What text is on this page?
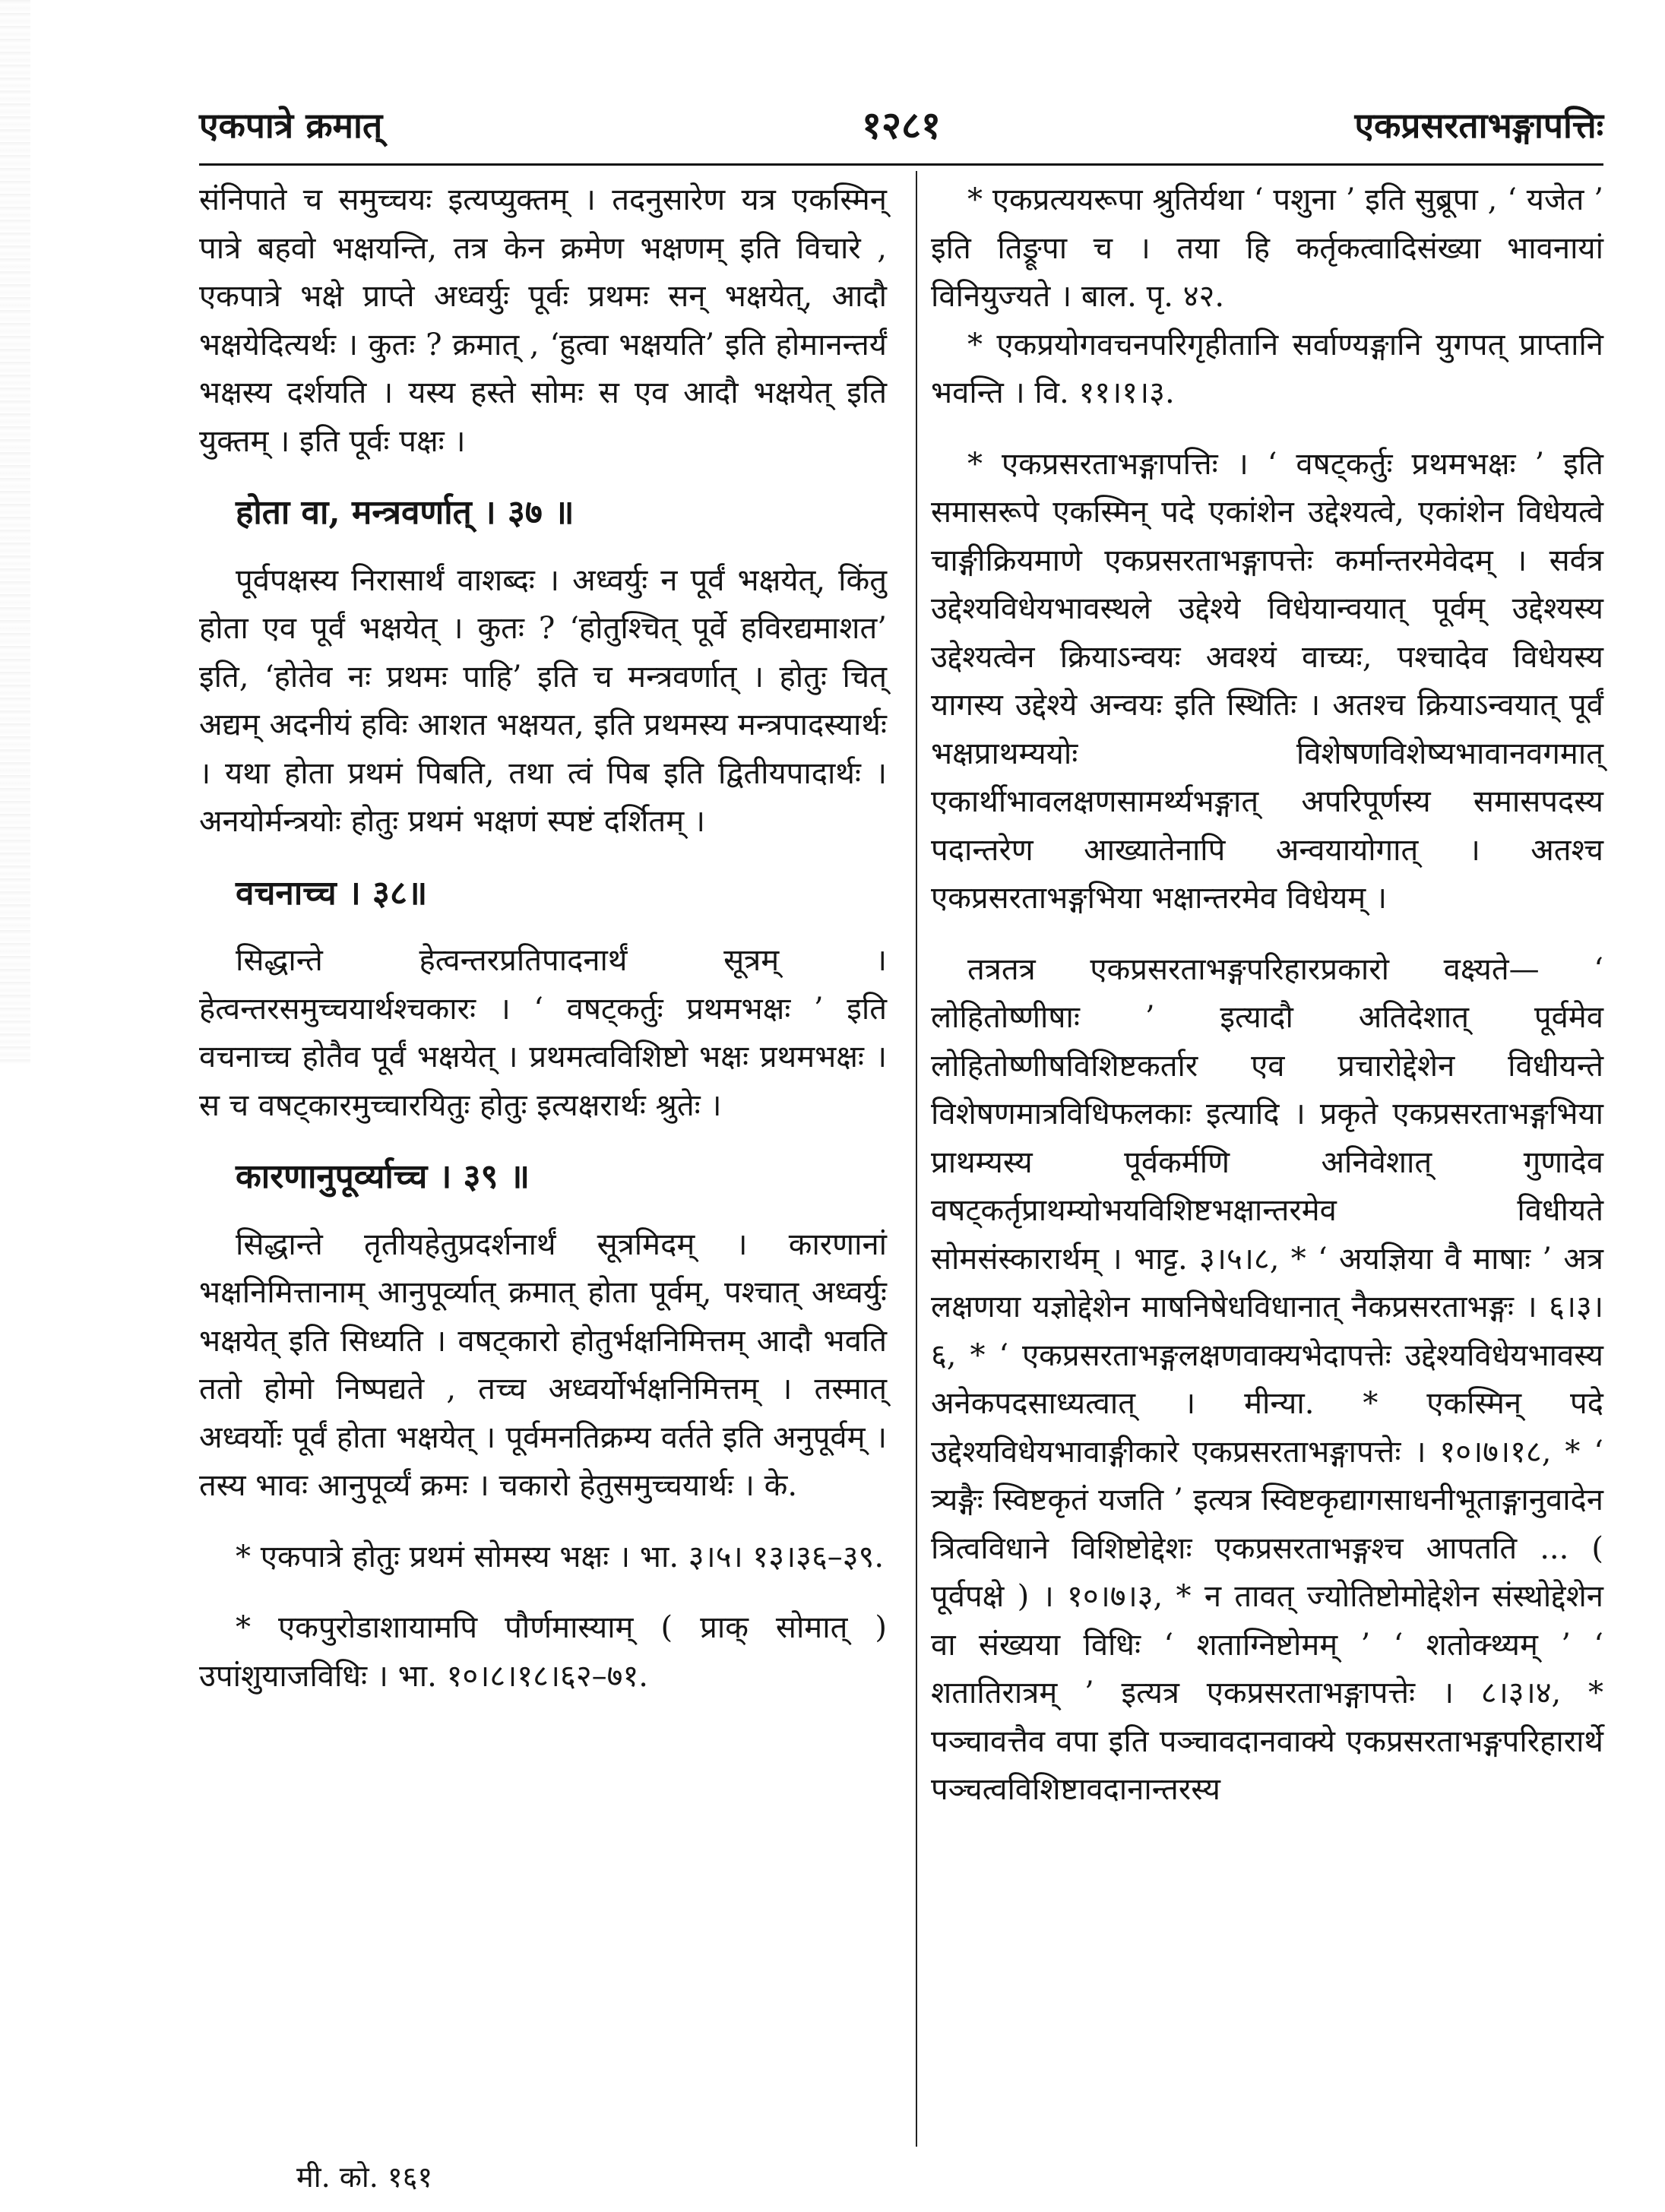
एकपात्रे क्रमात्	१२८१	एकप्रसरताभङ्गापत्तिः

संनिपाते च समुच्चयः इत्यप्युक्तम् । तदनुसारेण यत्र एकस्मिन् पात्रे बहवो भक्षयन्ति, तत्र केन क्रमेण भक्षणम् इति विचारे , एकपात्रे भक्षे प्राप्ते अध्वर्युः पूर्वः प्रथमः सन् भक्षयेत्, आदौ भक्षयेदित्यर्थः । कुतः ? क्रमात् , ‘हुत्वा भक्षयति’ इति होमानन्तर्यं भक्षस्य दर्शयति । यस्य हस्ते सोमः स एव आदौ भक्षयेत् इति युक्तम् । इति पूर्वः पक्षः ।

होता वा, मन्त्रवर्णात् । ३७ ॥

पूर्वपक्षस्य निरासार्थं वाशब्दः । अध्वर्युः न पूर्वं भक्षयेत्, किंतु होता एव पूर्वं भक्षयेत् । कुतः ? ‘होतुश्चित् पूर्वे हविरद्यमाशत’ इति, ‘होतेव नः प्रथमः पाहि’ इति च मन्त्रवर्णात् । होतुः चित् अद्यम् अदनीयं हविः आशत भक्षयत, इति प्रथमस्य मन्त्रपादस्यार्थः । यथा होता प्रथमं पिबति, तथा त्वं पिब इति द्वितीयपादार्थः । अनयोर्मन्त्रयोः होतुः प्रथमं भक्षणं स्पष्टं दर्शितम् ।

वचनाच्च । ३८॥

सिद्धान्ते हेत्वन्तरप्रतिपादनार्थं सूत्रम् । हेत्वन्तरसमुच्चयार्थश्चकारः । ‘ वषट्कर्तुः प्रथमभक्षः ’ इति वचनाच्च होतैव पूर्वं भक्षयेत् । प्रथमत्वविशिष्टो भक्षः प्रथमभक्षः । स च वषट्कारमुच्चारयितुः होतुः इत्यक्षरार्थः श्रुतेः ।

कारणानुपूर्व्याच्च । ३९ ॥

सिद्धान्ते तृतीयहेतुप्रदर्शनार्थं सूत्रमिदम् । कारणानां भक्षनिमित्तानाम् आनुपूर्व्यात् क्रमात् होता पूर्वम्, पश्चात् अध्वर्युः भक्षयेत् इति सिध्यति । वषट्कारो होतुर्भक्षनिमित्तम् आदौ भवति ततो होमो निष्पद्यते , तच्च अध्वर्योर्भक्षनिमित्तम् । तस्मात् अध्वर्योः पूर्वं होता भक्षयेत् । पूर्वमनतिक्रम्य वर्तते इति अनुपूर्वम् । तस्य भावः आनुपूर्व्यं क्रमः । चकारो हेतुसमुच्चयार्थः । के.

* एकपात्रे होतुः प्रथमं सोमस्य भक्षः । भा. ३।५। १३।३६–३९.

* एकपुरोडाशायामपि पौर्णमास्याम् ( प्राक् सोमात् ) उपांशुयाजविधिः । भा. १०।८।१८।६२–७१.

* एकप्रत्ययरूपा श्रुतिर्यथा ‘ पशुना ’ इति सुब्रूपा , ‘ यजेत ’ इति तिङ्रूपा च । तया हि कर्तृकत्वादिसंख्या भावनायां विनियुज्यते । बाल. पृ. ४२.

* एकप्रयोगवचनपरिगृहीतानि सर्वाण्यङ्गानि युगपत् प्राप्तानि भवन्ति । वि. ११।१।३.

* एकप्रसरताभङ्गापत्तिः । ‘ वषट्कर्तुः प्रथमभक्षः ’ इति समासरूपे एकस्मिन् पदे एकांशेन उद्देश्यत्वे, एकांशेन विधेयत्वे चाङ्गीक्रियमाणे एकप्रसरताभङ्गापत्तेः कर्मान्तरमेवेदम् । सर्वत्र उद्देश्यविधेयभावस्थले उद्देश्ये विधेयान्वयात् पूर्वम् उद्देश्यस्य उद्देश्यत्वेन क्रियाऽन्वयः अवश्यं वाच्यः, पश्चादेव विधेयस्य यागस्य उद्देश्ये अन्वयः इति स्थितिः । अतश्च क्रियाऽन्वयात् पूर्वं भक्षप्राथम्ययोः विशेषणविशेष्यभावानवगमात् एकार्थीभावलक्षणसामर्थ्यभङ्गात् अपरिपूर्णस्य समासपदस्य पदान्तरेण आख्यातेनापि अन्वयायोगात् । अतश्च एकप्रसरताभङ्गभिया भक्षान्तरमेव विधेयम् ।

तत्रतत्र एकप्रसरताभङ्गपरिहारप्रकारो वक्ष्यते— ‘ लोहितोष्णीषाः ’ इत्यादौ अतिदेशात् पूर्वमेव लोहितोष्णीषविशिष्टकर्तार एव प्रचारोद्देशेन विधीयन्ते विशेषणमात्रविधिफलकाः इत्यादि । प्रकृते एकप्रसरताभङ्गभिया प्राथम्यस्य पूर्वकर्मणि अनिवेशात् गुणादेव वषट्कर्तृप्राथम्योभयविशिष्टभक्षान्तरमेव विधीयते सोमसंस्कारार्थम् । भाट्ट. ३।५।८, * ‘ अयज्ञिया वै माषाः ’ अत्र लक्षणया यज्ञोद्देशेन माषनिषेधविधानात् नैकप्रसरताभङ्गः । ६।३।६, * ‘ एकप्रसरताभङ्गलक्षणवाक्यभेदापत्तेः उद्देश्यविधेयभावस्य अनेकपदसाध्यत्वात् । मीन्या. * एकस्मिन् पदे उद्देश्यविधेयभावाङ्गीकारे एकप्रसरताभङ्गापत्तेः । १०।७।१८, * ‘ त्र्यङ्गैः स्विष्टकृतं यजति ’ इत्यत्र स्विष्टकृद्यागसाधनीभूताङ्गानुवादेन त्रित्वविधाने विशिष्टोद्देशः एकप्रसरताभङ्गश्च आपतति ... ( पूर्वपक्षे ) । १०।७।३, * न तावत् ज्योतिष्टोमोद्देशेन संस्थोद्देशेन वा संख्यया विधिः ‘ शताग्निष्टोमम् ’ ‘ शतोक्थ्यम् ’ ‘ शतातिरात्रम् ’ इत्यत्र एकप्रसरताभङ्गापत्तेः । ८।३।४, * पञ्चावत्तैव वपा इति पञ्चावदानवाक्ये एकप्रसरताभङ्गपरिहारार्थे पञ्चत्वविशिष्टावदानान्तरस्य

मी. को. १६१
